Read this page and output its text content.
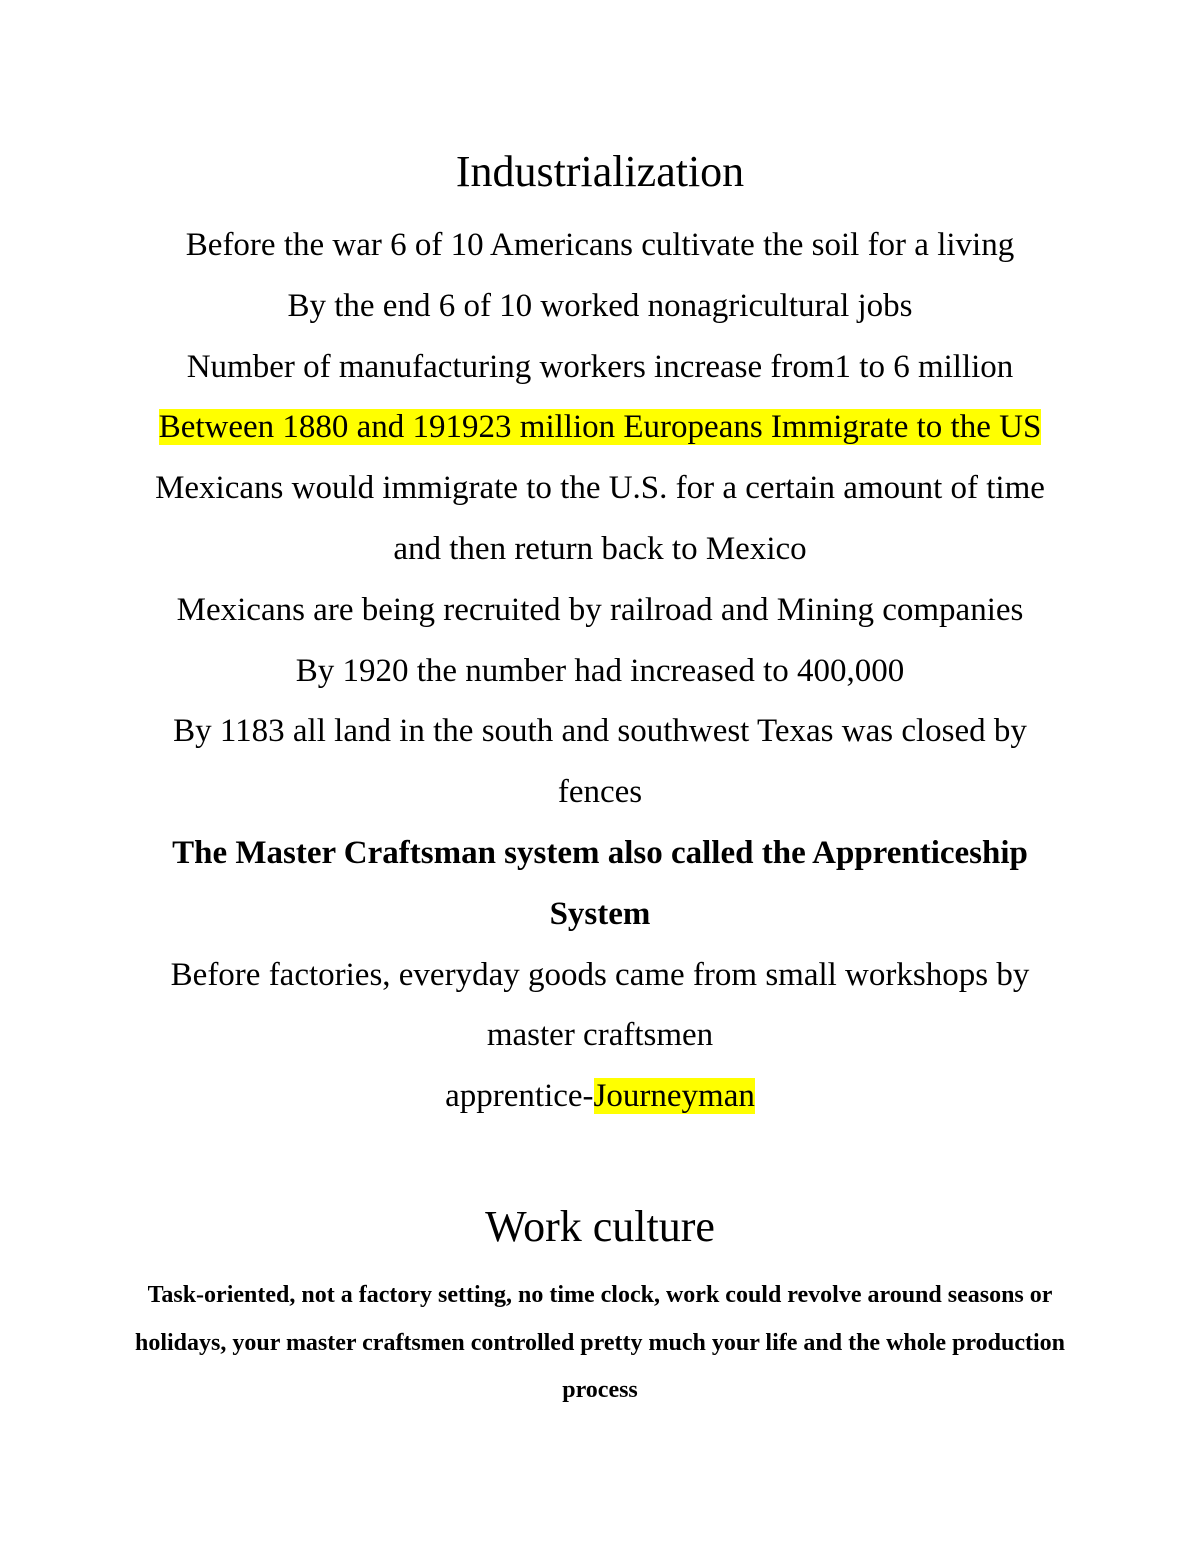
Industrialization

Before the war 6 of 10 Americans cultivate the soil for a living

By the end 6 of 10 worked nonagricultural jobs

Number of manufacturing workers increase from1 to 6 million

Between 1880 and 191923 million Europeans Immigrate to the US

Mexicans would immigrate to the U.S. for a certain amount of time and then return back to Mexico

Mexicans are being recruited by railroad and Mining companies

By 1920 the number had increased to 400,000

By 1183 all land in the south and southwest Texas was closed by fences

The Master Craftsman system also called the Apprenticeship System

Before factories, everyday goods came from small workshops by master craftsmen

apprentice-Journeyman

Work culture

Task-oriented, not a factory setting, no time clock, work could revolve around seasons or holidays, your master craftsmen controlled pretty much your life and the whole production process
